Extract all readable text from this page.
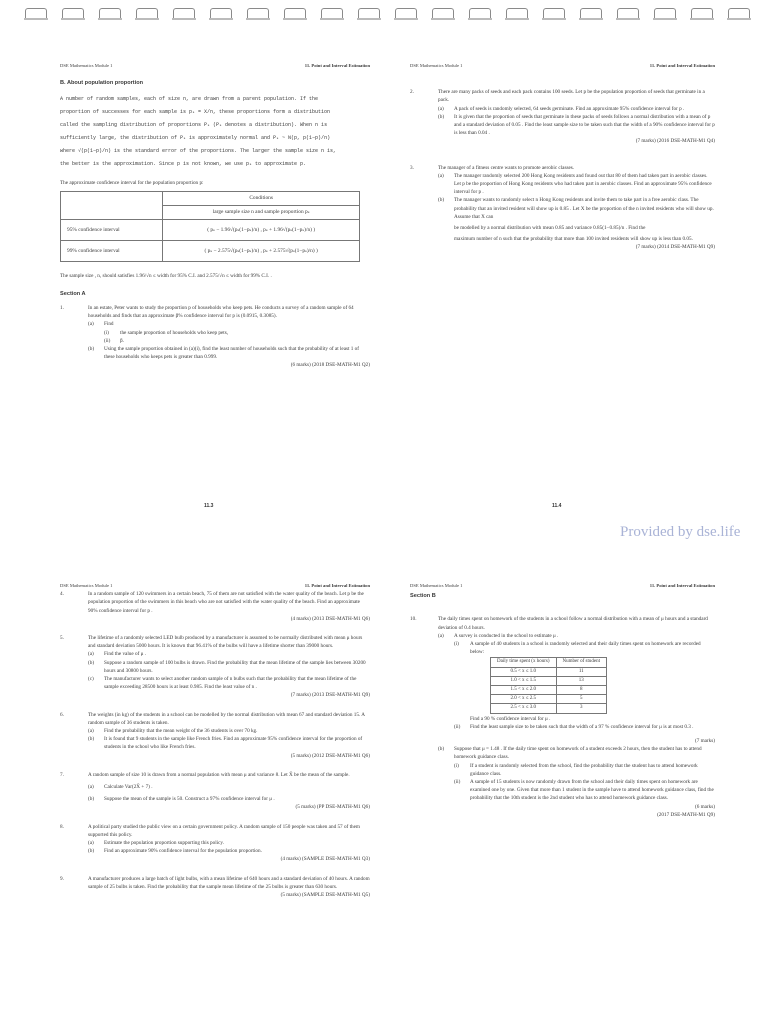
DSE Mathematics Module 1	11. Point and Interval Estimation
B. About population proportion
A number of random samples, each of size n, are drawn from a parent population. If the
proportion of successes for each sample is pₛ = X/n, these proportions form a distribution
called the sampling distribution of proportions Pₛ (Pₛ denotes a distribution). When n is
sufficiently large, the distribution of Pₛ is approximately normal and Pₛ ~ N(p, p(1−p)/n)
where √(p(1−p)/n) is the standard error of the proportions. The larger the sample size n is,
the better is the approximation. Since p is not known, we use pₛ to approximate p.
The approximate confidence interval for the population proportion p:
	Conditions
	large sample size n and sample proportion pₛ
95% confidence interval	( pₛ − 1.96√(pₛ(1−pₛ)/n) , pₛ + 1.96√(pₛ(1−pₛ)/n) )
99% confidence interval	( pₛ − 2.575√(pₛ(1−pₛ)/n) , pₛ + 2.575√(pₛ(1−pₛ)/n) )
The sample size , n, should satisfies 1.96/√n ≤ width for 95% C.I. and 2.575/√n ≤ width for 99% C.I. .
Section A
1.	In an estate, Peter wants to study the proportion p of households who keep pets. He conducts a survey of a random sample of 64 households and finds that an approximate β% confidence interval for p is (0.0915, 0.3085).
(a)	Find
(i)	the sample proportion of households who keep pets,
(ii)	β.
(b)	Using the sample proportion obtained in (a)(i), find the least number of households such that the probability of at least 1 of these households who keeps pets is greater than 0.999.
(6 marks) (2018 DSE-MATH-M1 Q2)
11.3
DSE Mathematics Module 1	11. Point and Interval Estimation
2.	There are many packs of seeds and each pack contains 100 seeds. Let p be the population proportion of seeds that germinate in a pack.
(a)	A pack of seeds is randomly selected, 64 seeds germinate. Find an approximate 95% confidence interval for p .
(b)	It is given that the proportion of seeds that germinate in these packs of seeds follows a normal distribution with a mean of p and a standard deviation of 0.05 . Find the least sample size to be taken such that the width of a 90% confidence interval for p is less than 0.04 .
(7 marks) (2016 DSE-MATH-M1 Q4)
3.	The manager of a fitness centre wants to promote aerobic classes.
(a)	The manager randomly selected 200 Hong Kong residents and found out that 80 of them had taken part in aerobic classes. Let p be the proportion of Hong Kong residents who had taken part in aerobic classes. Find an approximate 95% confidence interval for p .
(b)	The manager wants to randomly select n Hong Kong residents and invite them to take part in a free aerobic class. The probability that an invited resident will show up is 0.85 . Let X be the proportion of the n invited residents who will show up. Assume that X can
be modelled by a normal distribution with mean 0.85 and variance 0.85(1−0.85)/n . Find the
maximum number of n such that the probability that more than 100 invited residents will show up is less than 0.05.
(7 marks) (2014 DSE-MATH-M1 Q9)
11.4
Provided by dse.life
DSE Mathematics Module 1	11. Point and Interval Estimation
4.	In a random sample of 120 swimmers in a certain beach, 75 of them are not satisfied with the water quality of the beach. Let p be the population proportion of the swimmers in this beach who are not satisfied with the water quality of the beach. Find an approximate 90% confidence interval for p .
(4 marks) (2013 DSE-MATH-M1 Q6)
5.	The lifetime of a randomly selected LED bulb produced by a manufacturer is assumed to be normally distributed with mean μ hours and standard deviation 5000 hours. It is known that 96.41% of the bulbs will have a lifetime shorter than 39000 hours.
(a)	Find the value of μ .
(b)	Suppose a random sample of 100 bulbs is drawn. Find the probability that the mean lifetime of the sample lies between 30200 hours and 30800 hours.
(c)	The manufacturer wants to select another random sample of n bulbs such that the probability that the mean lifetime of the sample exceeding 28500 hours is at least 0.985. Find the least value of n .
(7 marks) (2013 DSE-MATH-M1 Q9)
6.	The weights (in kg) of the students in a school can be modelled by the normal distribution with mean 67 and standard deviation 15. A random sample of 36 students is taken.
(a)	Find the probability that the mean weight of the 36 students is over 70 kg.
(b)	It is found that 9 students in the sample like French fries. Find an approximate 95% confidence interval for the proportion of students in the school who like French fries.
(5 marks) (2012 DSE-MATH-M1 Q6)
7.	A random sample of size 10 is drawn from a normal population with mean μ and variance 8. Let X̄ be the mean of the sample.
(a)	Calculate Var(2X̄ + 7) .
(b)	Suppose the mean of the sample is 50. Construct a 97% confidence interval for μ .
(5 marks) (PP DSE-MATH-M1 Q6)
8.	A political party studied the public view on a certain government policy. A random sample of 150 people was taken and 57 of them supported this policy.
(a)	Estimate the population proportion supporting this policy.
(b)	Find an approximate 90% confidence interval for the population proportion.
(4 marks) (SAMPLE DSE-MATH-M1 Q3)
9.	A manufacturer produces a large batch of light bulbs, with a mean lifetime of 640 hours and a standard deviation of 40 hours. A random sample of 25 bulbs is taken. Find the probability that the sample mean lifetime of the 25 bulbs is greater than 630 hours.
(5 marks) (SAMPLE DSE-MATH-M1 Q5)
DSE Mathematics Module 1	11. Point and Interval Estimation
Section B
10.	The daily times spent on homework of the students in a school follow a normal distribution with a mean of μ hours and a standard deviation of 0.4 hours.
(a)	A survey is conducted in the school to estimate μ .
(i)	A sample of 40 students in a school is randomly selected and their daily times spent on homework are recorded below:
Daily time spent (x hours)	Number of student
0.5 < x ≤ 1.0	11
1.0 < x ≤ 1.5	13
1.5 < x ≤ 2.0	8
2.0 < x ≤ 2.5	5
2.5 < x ≤ 3.0	3
Find a 90 % confidence interval for μ .
(ii)	Find the least sample size to be taken such that the width of a 97 % confidence interval for μ is at most 0.3 .
(7 marks)
(b)	Suppose that μ = 1.48 . If the daily time spent on homework of a student exceeds 2 hours, then the student has to attend homework guidance class.
(i)	If a student is randomly selected from the school, find the probability that the student has to attend homework guidance class.
(ii)	A sample of 15 students is now randomly drawn from the school and their daily times spent on homework are examined one by one. Given that more than 1 student in the sample have to attend homework guidance class, find the probability that the 10th student is the 2nd student who has to attend homework guidance class.
(6 marks)
(2017 DSE-MATH-M1 Q9)
